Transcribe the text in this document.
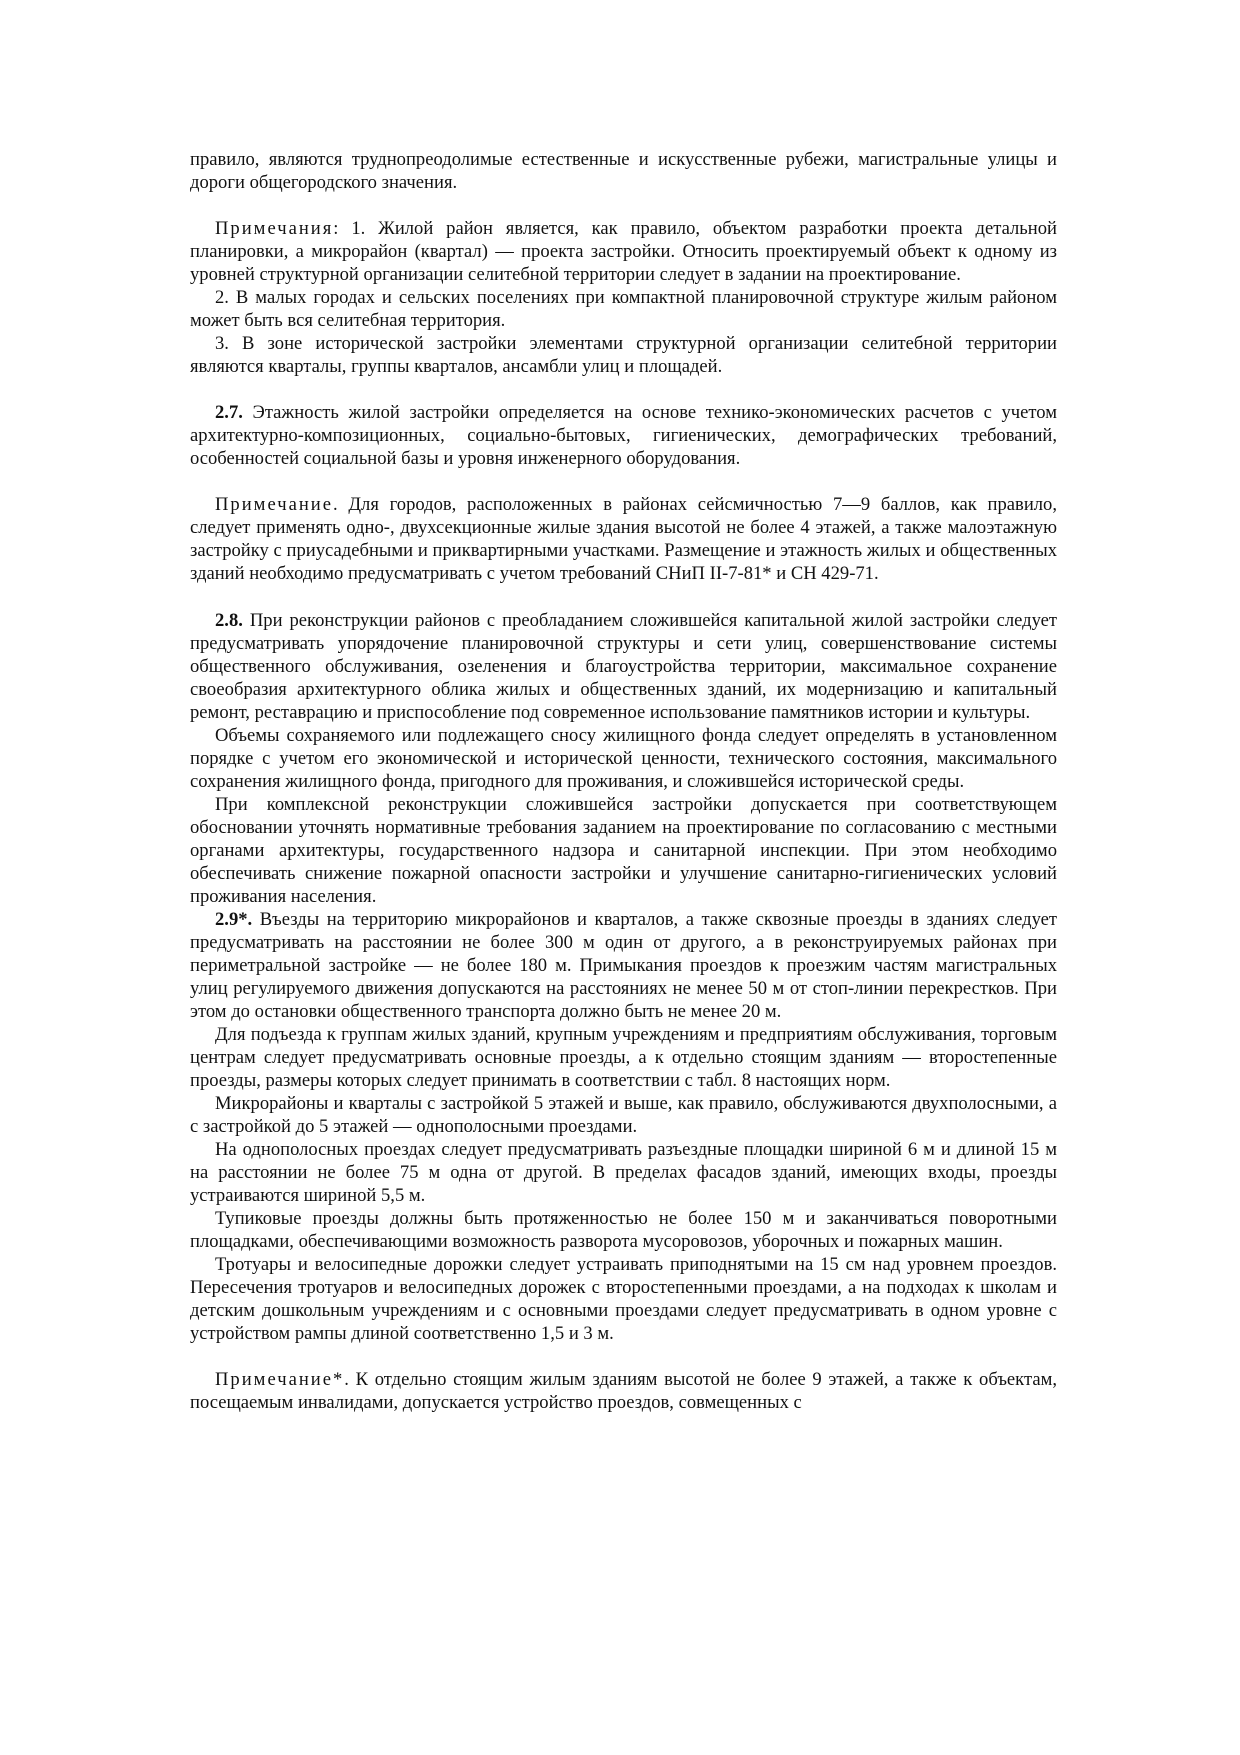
правило, являются труднопреодолимые естественные и искусственные рубежи, магистральные улицы и дороги общегородского значения.

Примечания: 1. Жилой район является, как правило, объектом разработки проекта детальной планировки, а микрорайон (квартал) — проекта застройки. Относить проектируемый объект к одному из уровней структурной организации селитебной территории следует в задании на проектирование.

2. В малых городах и сельских поселениях при компактной планировочной структуре жилым районом может быть вся селитебная территория.

3. В зоне исторической застройки элементами структурной организации селитебной территории являются кварталы, группы кварталов, ансамбли улиц и площадей.

2.7. Этажность жилой застройки определяется на основе технико-экономических расчетов с учетом архитектурно-композиционных, социально-бытовых, гигиенических, демографических требований, особенностей социальной базы и уровня инженерного оборудования.

Примечание. Для городов, расположенных в районах сейсмичностью 7—9 баллов, как правило, следует применять одно-, двухсекционные жилые здания высотой не более 4 этажей, а также малоэтажную застройку с приусадебными и приквартирными участками. Размещение и этажность жилых и общественных зданий необходимо предусматривать с учетом требований СНиП II-7-81* и СН 429-71.

2.8. При реконструкции районов с преобладанием сложившейся капитальной жилой застройки следует предусматривать упорядочение планировочной структуры и сети улиц, совершенствование системы общественного обслуживания, озеленения и благоустройства территории, максимальное сохранение своеобразия архитектурного облика жилых и общественных зданий, их модернизацию и капитальный ремонт, реставрацию и приспособление под современное использование памятников истории и культуры.

Объемы сохраняемого или подлежащего сносу жилищного фонда следует определять в установленном порядке с учетом его экономической и исторической ценности, технического состояния, максимального сохранения жилищного фонда, пригодного для проживания, и сложившейся исторической среды.

При комплексной реконструкции сложившейся застройки допускается при соответствующем обосновании уточнять нормативные требования заданием на проектирование по согласованию с местными органами архитектуры, государственного надзора и санитарной инспекции. При этом необходимо обеспечивать снижение пожарной опасности застройки и улучшение санитарно-гигиенических условий проживания населения.

2.9*. Въезды на территорию микрорайонов и кварталов, а также сквозные проезды в зданиях следует предусматривать на расстоянии не более 300 м один от другого, а в реконструируемых районах при периметральной застройке — не более 180 м. Примыкания проездов к проезжим частям магистральных улиц регулируемого движения допускаются на расстояниях не менее 50 м от стоп-линии перекрестков. При этом до остановки общественного транспорта должно быть не менее 20 м.

Для подъезда к группам жилых зданий, крупным учреждениям и предприятиям обслуживания, торговым центрам следует предусматривать основные проезды, а к отдельно стоящим зданиям — второстепенные проезды, размеры которых следует принимать в соответствии с табл. 8 настоящих норм.

Микрорайоны и кварталы с застройкой 5 этажей и выше, как правило, обслуживаются двухполосными, а с застройкой до 5 этажей — однополосными проездами.

На однополосных проездах следует предусматривать разъездные площадки шириной 6 м и длиной 15 м на расстоянии не более 75 м одна от другой. В пределах фасадов зданий, имеющих входы, проезды устраиваются шириной 5,5 м.

Тупиковые проезды должны быть протяженностью не более 150 м и заканчиваться поворотными площадками, обеспечивающими возможность разворота мусоровозов, уборочных и пожарных машин.

Тротуары и велосипедные дорожки следует устраивать приподнятыми на 15 см над уровнем проездов. Пересечения тротуаров и велосипедных дорожек с второстепенными проездами, а на подходах к школам и детским дошкольным учреждениям и с основными проездами следует предусматривать в одном уровне с устройством рампы длиной соответственно 1,5 и 3 м.

Примечание*. К отдельно стоящим жилым зданиям высотой не более 9 этажей, а также к объектам, посещаемым инвалидами, допускается устройство проездов, совмещенных с
